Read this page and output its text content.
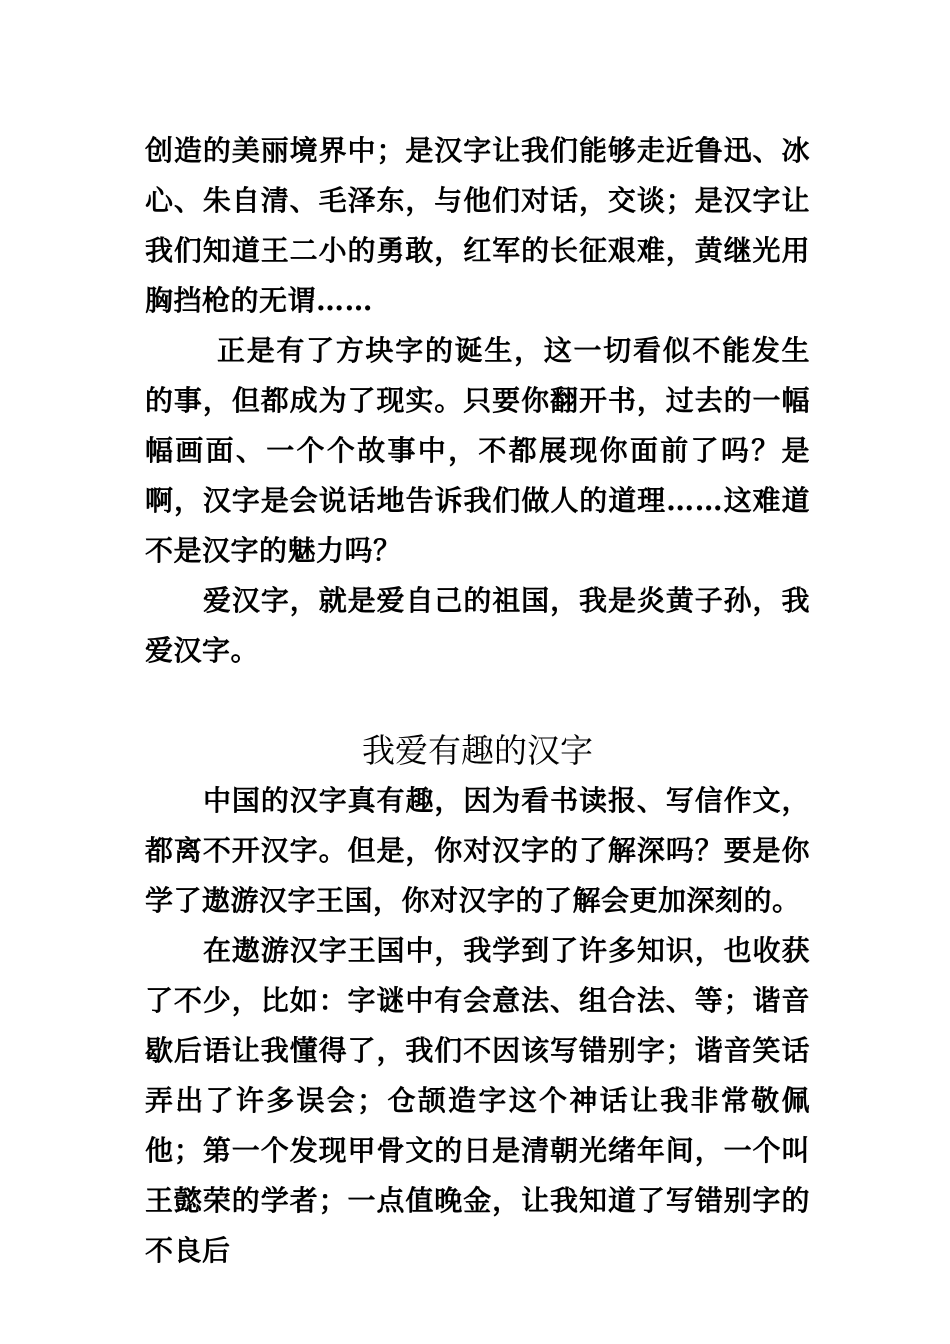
创造的美丽境界中；是汉字让我们能够走近鲁迅、冰心、朱自清、毛泽东，与他们对话，交谈；是汉字让我们知道王二小的勇敢，红军的长征艰难，黄继光用胸挡枪的无谓……

正是有了方块字的诞生，这一切看似不能发生的事，但都成为了现实。只要你翻开书，过去的一幅幅画面、一个个故事中，不都展现你面前了吗？是啊，汉字是会说话地告诉我们做人的道理……这难道不是汉字的魅力吗？

爱汉字，就是爱自己的祖国，我是炎黄子孙，我爱汉字。

我爱有趣的汉字

中国的汉字真有趣，因为看书读报、写信作文，都离不开汉字。但是，你对汉字的了解深吗？要是你学了遨游汉字王国，你对汉字的了解会更加深刻的。

在遨游汉字王国中，我学到了许多知识，也收获了不少，比如：字谜中有会意法、组合法、等；谐音歇后语让我懂得了，我们不因该写错别字；谐音笑话弄出了许多误会；仓颉造字这个神话让我非常敬佩他；第一个发现甲骨文的日是清朝光绪年间，一个叫王懿荣的学者；一点值晚金，让我知道了写错别字的不良后
